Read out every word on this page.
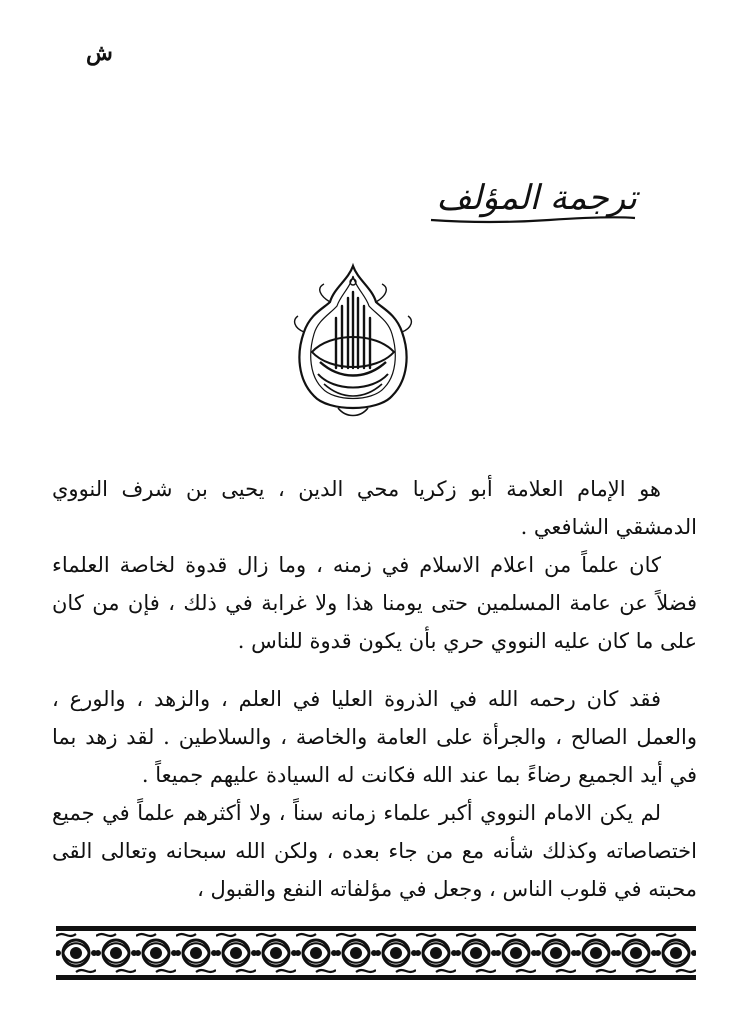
ش
ترجمة المؤلف

هو الإمام العلامة أبو زكريا محي الدين ، يحيى بن شرف النووي الدمشقي الشافعي .

كان علماً من اعلام الاسلام في زمنه ، وما زال قدوة لخاصة العلماء فضلاً عن عامة المسلمين حتى يومنا هذا ولا غرابة في ذلك ، فإن من كان على ما كان عليه النووي حري بأن يكون قدوة للناس .

فقد كان رحمه الله في الذروة العليا في العلم ، والزهد ، والورع ، والعمل الصالح ، والجرأة على العامة والخاصة ، والسلاطين . لقد زهد بما في أيد الجميع رضاءً بما عند الله فكانت له السيادة عليهم جميعاً .

لم يكن الامام النووي أكبر علماء زمانه سناً ، ولا أكثرهم علماً في جميع اختصاصاته وكذلك شأنه مع من جاء بعده ، ولكن الله سبحانه وتعالى القى محبته في قلوب الناس ، وجعل في مؤلفاته النفع والقبول ،
